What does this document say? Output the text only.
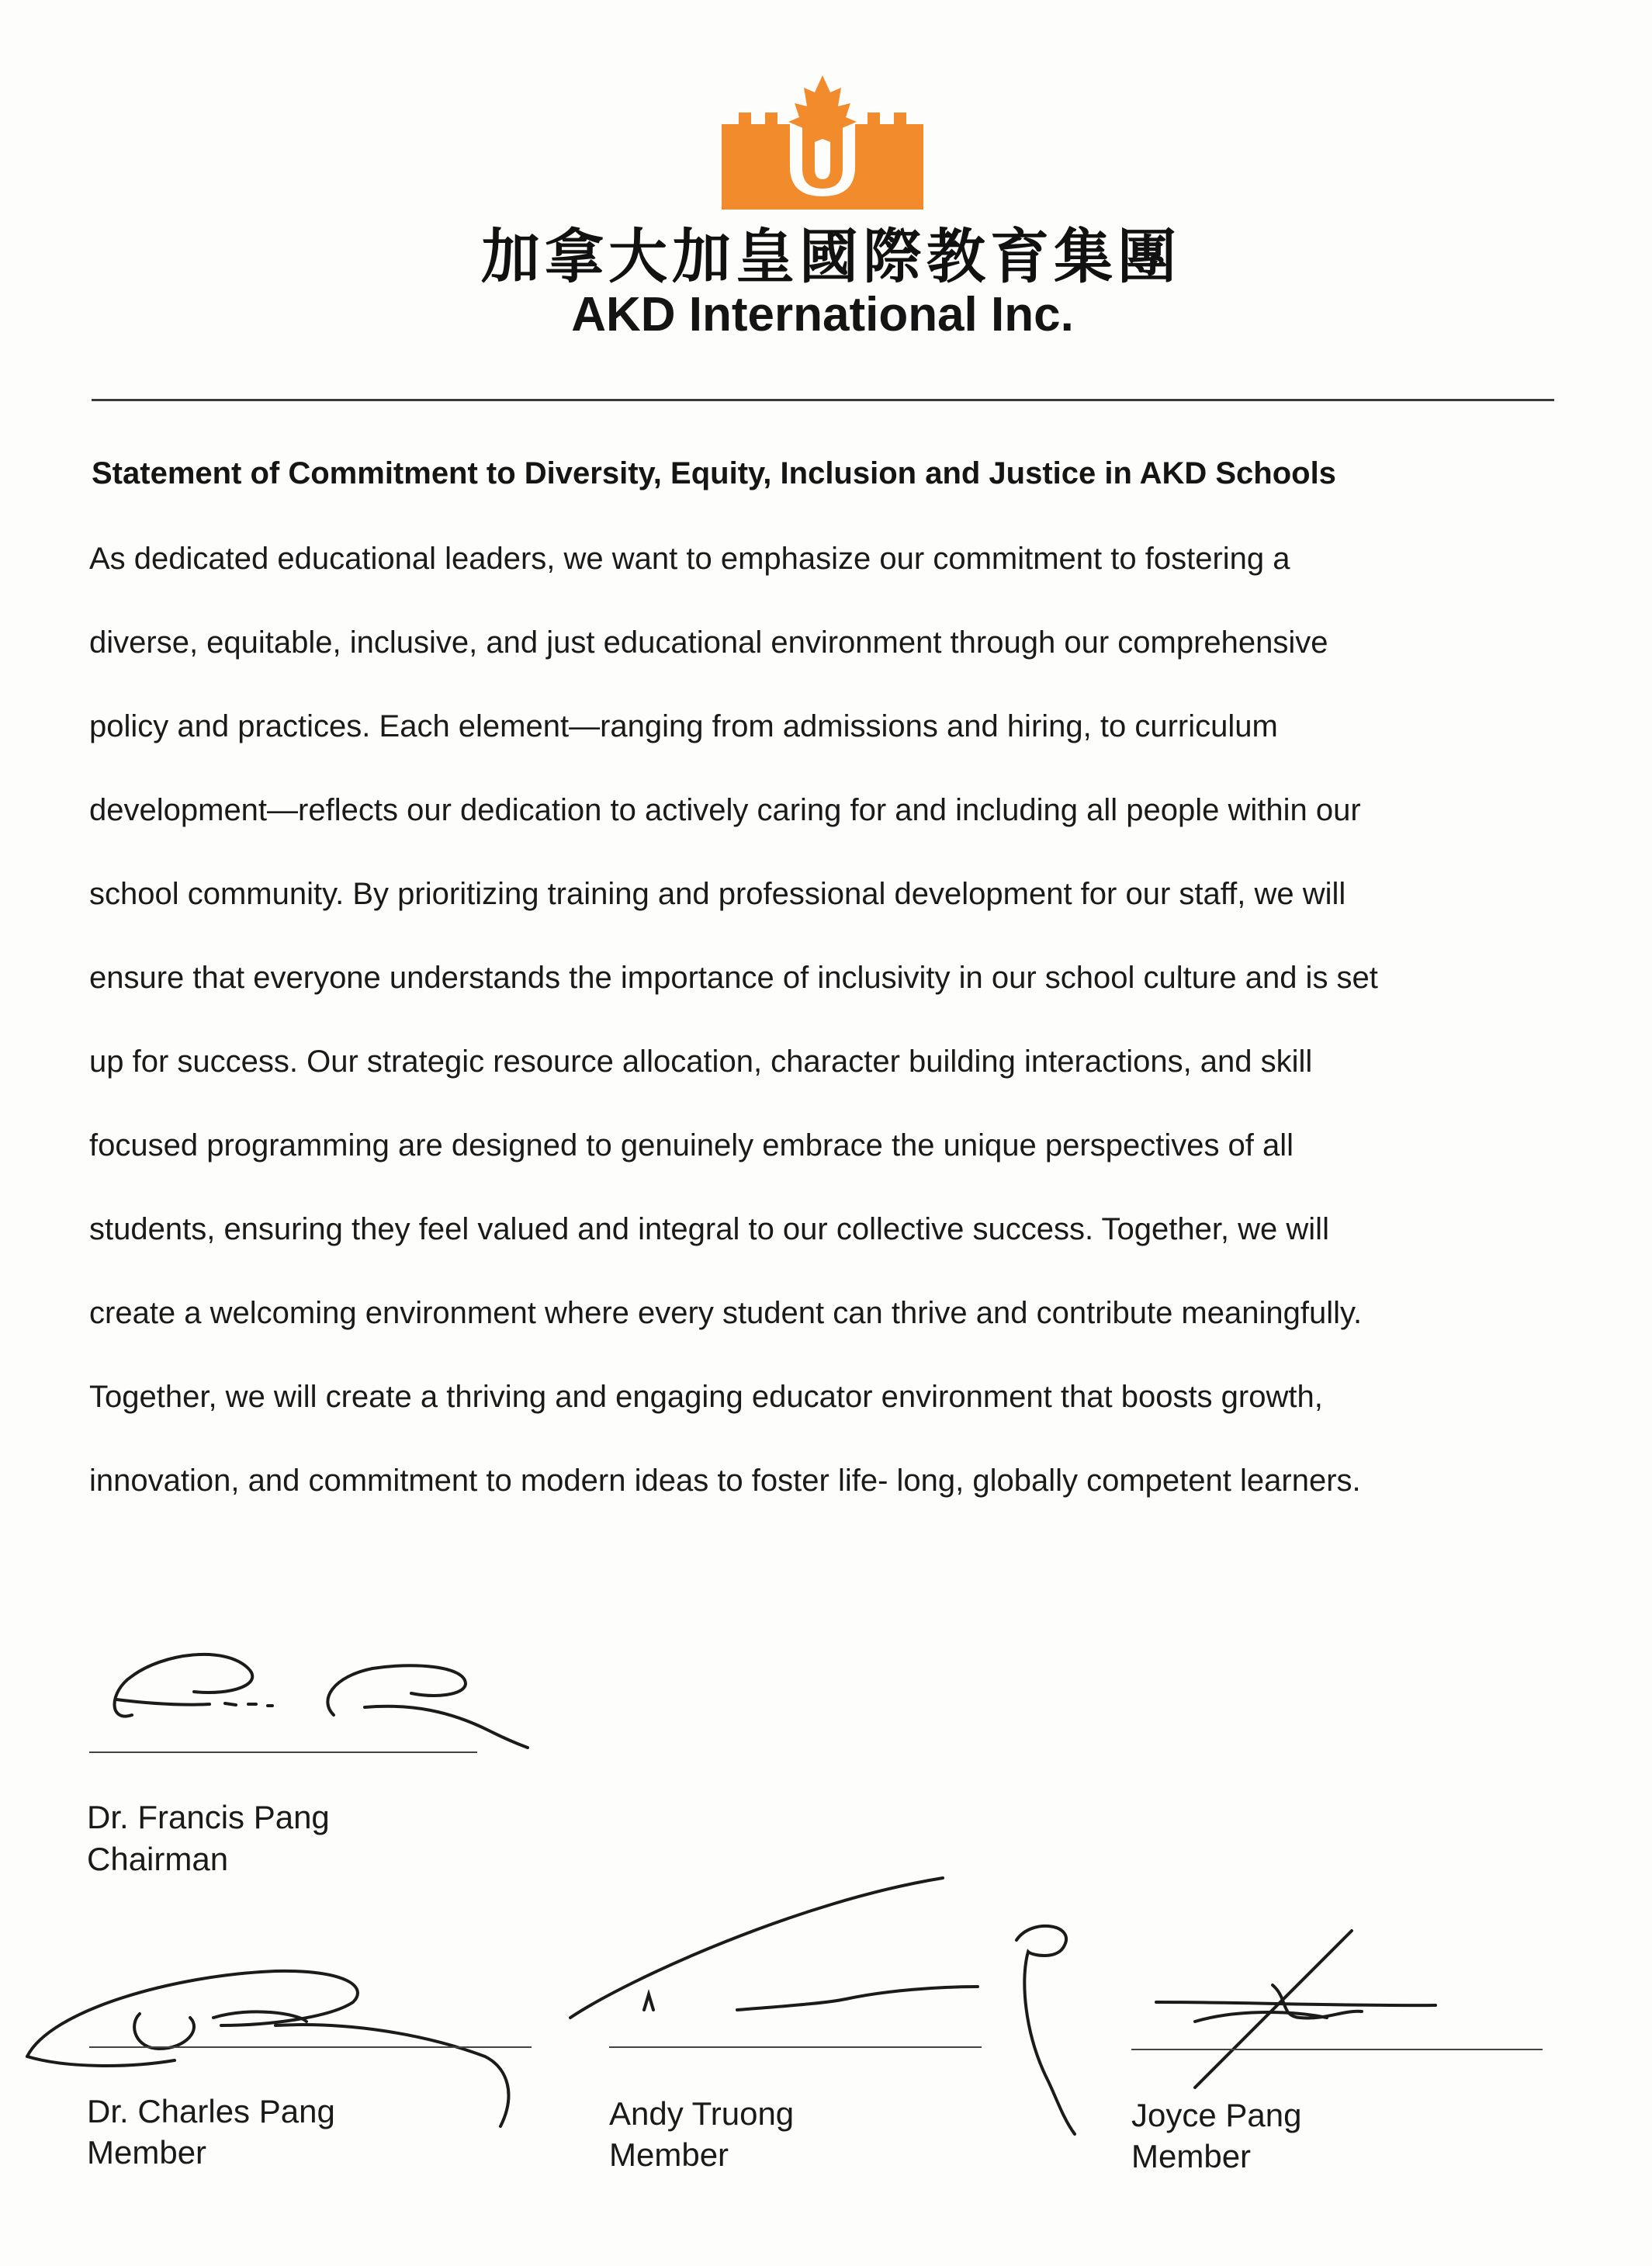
加拿大加皇國際教育集團
AKD International Inc.
Statement of Commitment to Diversity, Equity, Inclusion and Justice in AKD Schools
As dedicated educational leaders, we want to emphasize our commitment to fostering a
diverse, equitable, inclusive, and just educational environment through our comprehensive
policy and practices. Each element—ranging from admissions and hiring, to curriculum
development—reflects our dedication to actively caring for and including all people within our
school community. By prioritizing training and professional development for our staff, we will
ensure that everyone understands the importance of inclusivity in our school culture and is set
up for success. Our strategic resource allocation, character building interactions, and skill
focused programming are designed to genuinely embrace the unique perspectives of all
students, ensuring they feel valued and integral to our collective success. Together, we will
create a welcoming environment where every student can thrive and contribute meaningfully.
Together, we will create a thriving and engaging educator environment that boosts growth,
innovation, and commitment to modern ideas to foster life- long, globally competent learners.
Dr. Francis Pang
Chairman
Dr. Charles Pang
Member
Andy Truong
Member
Joyce Pang
Member
